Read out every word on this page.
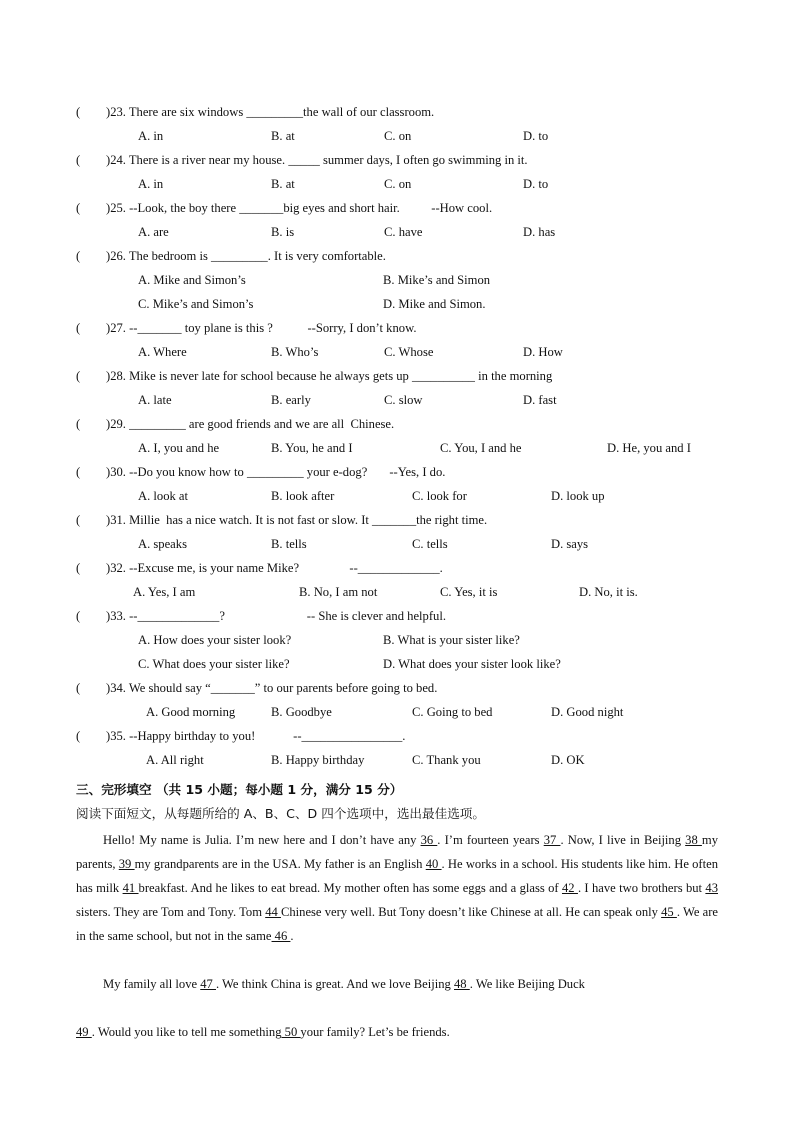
( )23. There are six windows _________the wall of our classroom.
A. in	B. at	C. on	D. to
( )24. There is a river near my house. _____ summer days, I often go swimming in it.
A. in	B. at	C. on	D. to
( )25. --Look, the boy there _______big eyes and short hair.          --How cool.
A. are	B. is	C. have	D. has
( )26. The bedroom is _________. It is very comfortable.
A. Mike and Simon’s	B. Mike’s and Simon
C. Mike’s and Simon’s	D. Mike and Simon.
( )27. --_______ toy plane is this ?           --Sorry, I don’t know.
A. Where	B. Who’s	C. Whose	D. How
( )28. Mike is never late for school because he always gets up __________ in the morning
A. late	B. early	C. slow	D. fast
( )29. _________ are good friends and we are all  Chinese.
A. I, you and he	B. You, he and I	C. You, I and he	D. He, you and I
( )30. --Do you know how to _________ your e-dog?       --Yes, I do.
A. look at	B. look after	C. look for	D. look up
( )31. Millie  has a nice watch. It is not fast or slow. It _______the right time.
A. speaks	B. tells	C. tells	D. says
( )32. --Excuse me, is your name Mike?                --_____________.
A. Yes, I am	B. No, I am not	C. Yes, it is	D. No, it is.
( )33. --_____________?                          -- She is clever and helpful.
A. How does your sister look?	B. What is your sister like?
C. What does your sister like?	D. What does your sister look like?
( )34. We should say “_______” to our parents before going to bed.
A. Good morning	B. Goodbye	C. Going to bed	D. Good night
( )35. --Happy birthday to you!            --________________.
A. All right	B. Happy birthday	C. Thank you	D. OK
三、完形填空 （共 15 小题；每小题 1 分，满分 15 分）
阅读下面短文，从每题所给的 A、B、C、D 四个选项中，选出最佳选项。
Hello! My name is Julia. I’m new here and I don’t have any 36 . I’m fourteen years 37 . Now, I live in Beijing 38 my parents, 39 my grandparents are in the USA. My father is an English 40 . He works in a school. His students like him. He often has milk 41 breakfast. And he likes to eat bread. My mother often has some eggs and a glass of 42 . I have two brothers but 43 sisters. They are Tom and Tony. Tom 44 Chinese very well. But Tony doesn’t like Chinese at all. He can speak only 45 . We are in the same school, but not in the same 46 .
My family all love 47 . We think China is great. And we love Beijing 48 . We like Beijing Duck
49 . Would you like to tell me something 50 your family? Let’s be friends.
